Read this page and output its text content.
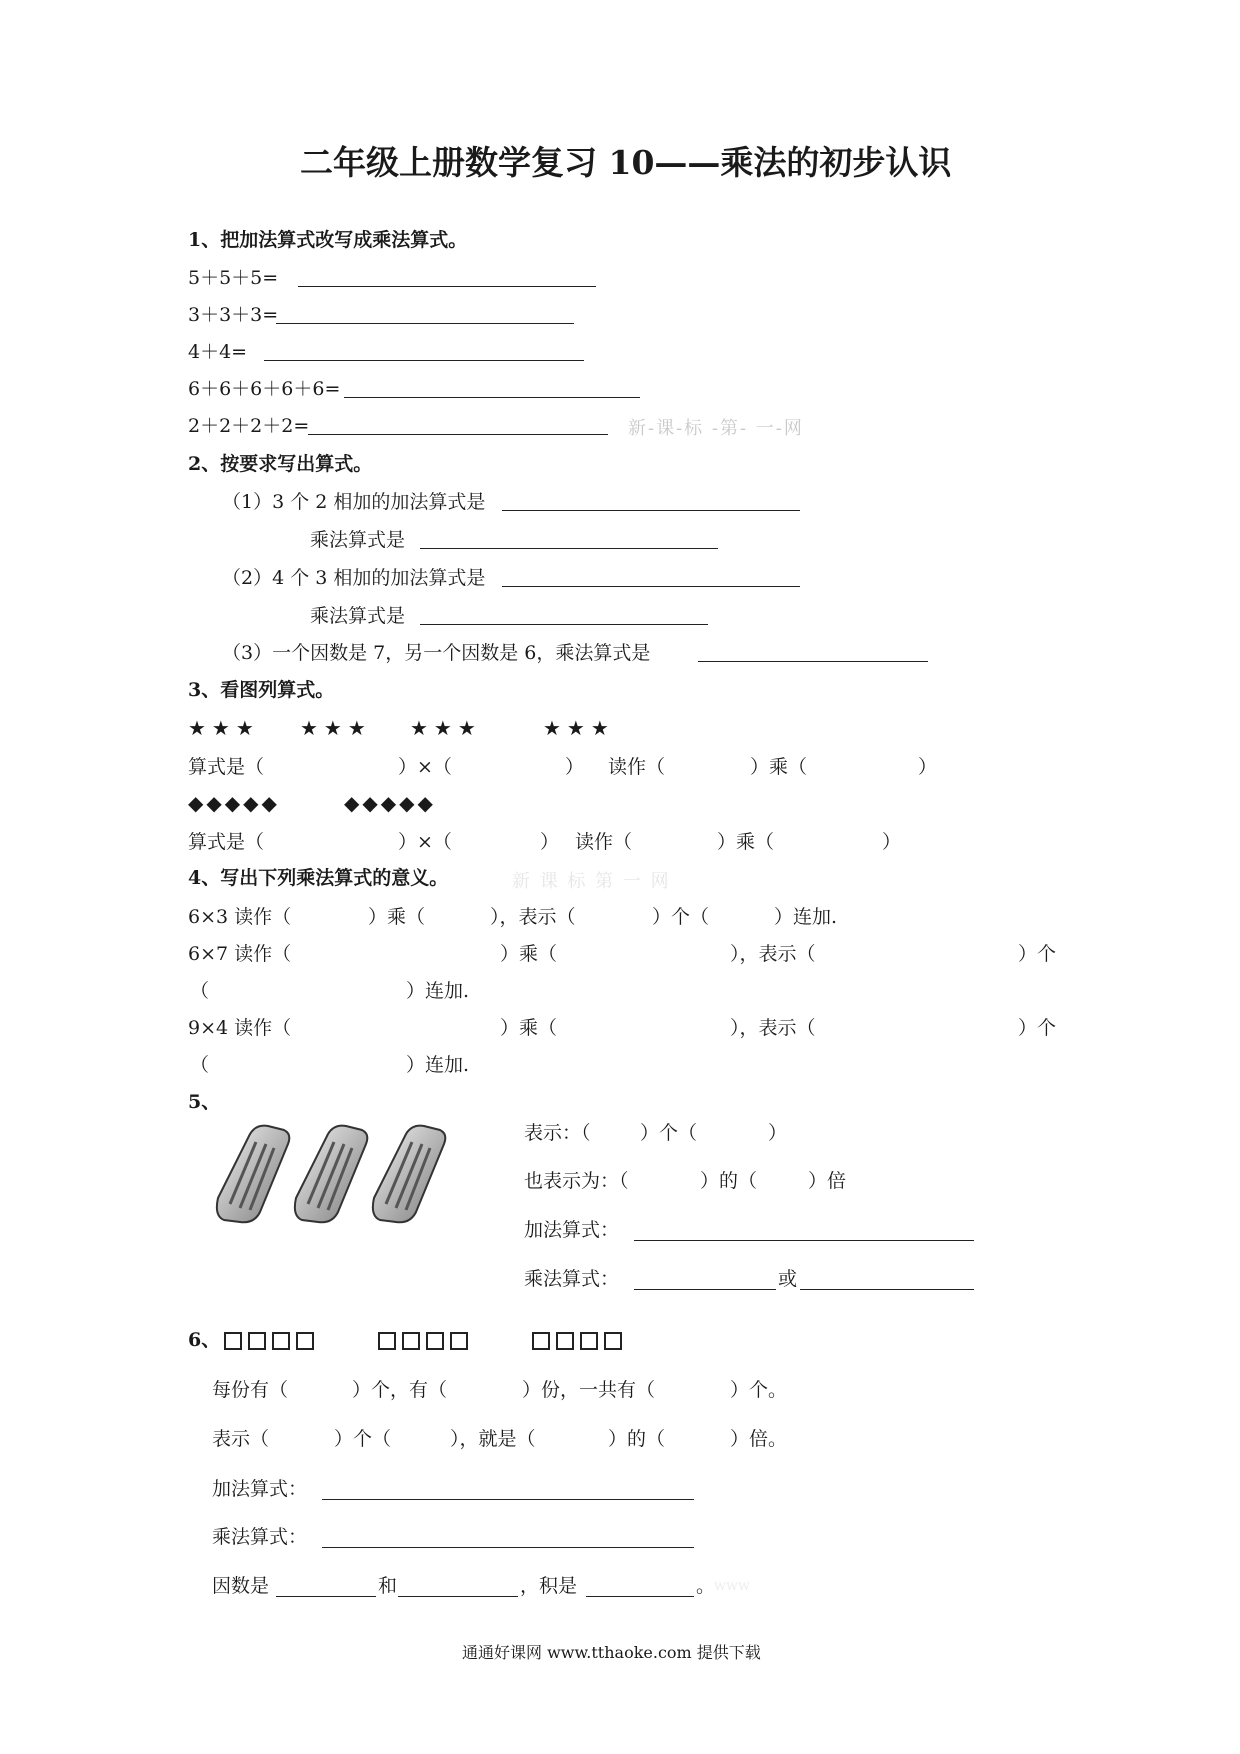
二年级上册数学复习 10——乘法的初步认识
1、把加法算式改写成乘法算式。
5＋5＋5=
3＋3＋3=
4＋4=
6＋6＋6＋6＋6=
2＋2＋2＋2=	新-课-标 -第- 一-网
2、按要求写出算式。
（1）3 个 2 相加的加法算式是
乘法算式是
（2）4 个 3 相加的加法算式是
乘法算式是
（3）一个因数是 7，另一个因数是 6，乘法算式是
3、看图列算式。
★★★ ★★★ ★★★	★★★
算式是（	）×（	） 读作（	）乘（	）
◆◆◆◆◆	◆◆◆◆◆
算式是（	）×（	） 读作（	）乘（	）
4、写出下列乘法算式的意义。	新 课 标 第 一 网
6×3 读作（	）乘（	），表示（	）个（	）连加.
6×7 读作（	）乘（	），表示（	）个
（	）连加.
9×4 读作（	）乘（	），表示（	）个
（	）连加.
5、
表示：（	）个（	）
也表示为：（	）的（	）倍
加法算式：
乘法算式：	或
6、
每份有（	）个，有（	）份，一共有（	）个。
表示（	）个（	），就是（	）的（	）倍。
加法算式：
乘法算式：
因数是	和	，积是	。
www
通通好课网 www.tthaoke.com 提供下载
